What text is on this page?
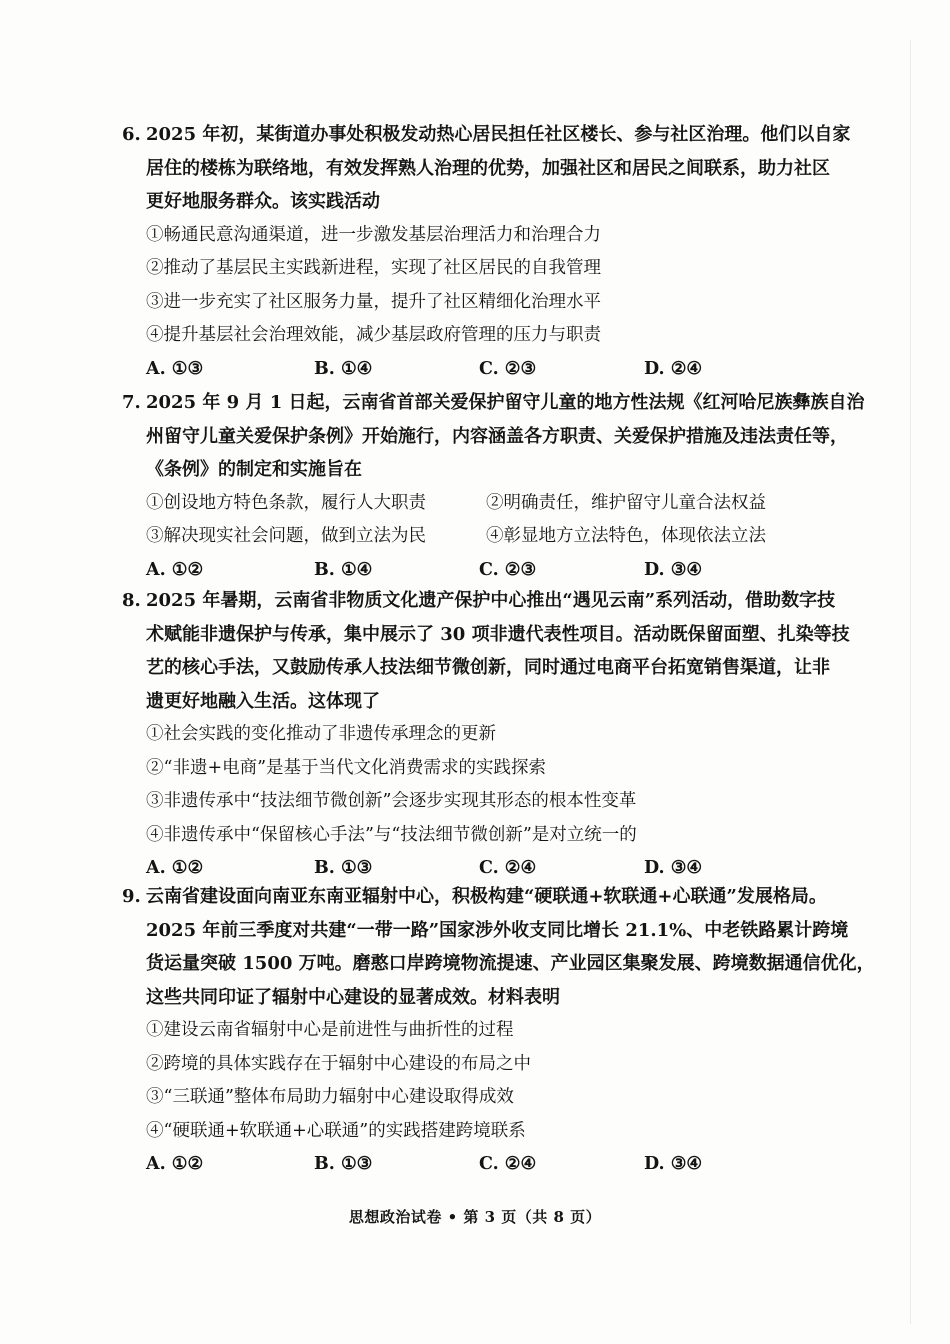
6. 2025 年初，某街道办事处积极发动热心居民担任社区楼长、参与社区治理。他们以自家
居住的楼栋为联络地，有效发挥熟人治理的优势，加强社区和居民之间联系，助力社区
更好地服务群众。该实践活动
①畅通民意沟通渠道，进一步激发基层治理活力和治理合力
②推动了基层民主实践新进程，实现了社区居民的自我管理
③进一步充实了社区服务力量，提升了社区精细化治理水平
④提升基层社会治理效能，减少基层政府管理的压力与职责
A. ①③	B. ①④	C. ②③	D. ②④
7. 2025 年 9 月 1 日起，云南省首部关爱保护留守儿童的地方性法规《红河哈尼族彝族自治
州留守儿童关爱保护条例》开始施行，内容涵盖各方职责、关爱保护措施及违法责任等，
《条例》的制定和实施旨在
①创设地方特色条款，履行人大职责	②明确责任，维护留守儿童合法权益
③解决现实社会问题，做到立法为民	④彰显地方立法特色，体现依法立法
A. ①②	B. ①④	C. ②③	D. ③④
8. 2025 年暑期，云南省非物质文化遗产保护中心推出“遇见云南”系列活动，借助数字技
术赋能非遗保护与传承，集中展示了 30 项非遗代表性项目。活动既保留面塑、扎染等技
艺的核心手法，又鼓励传承人技法细节微创新，同时通过电商平台拓宽销售渠道，让非
遗更好地融入生活。这体现了
①社会实践的变化推动了非遗传承理念的更新
②“非遗+电商”是基于当代文化消费需求的实践探索
③非遗传承中“技法细节微创新”会逐步实现其形态的根本性变革
④非遗传承中“保留核心手法”与“技法细节微创新”是对立统一的
A. ①②	B. ①③	C. ②④	D. ③④
9. 云南省建设面向南亚东南亚辐射中心，积极构建“硬联通+软联通+心联通”发展格局。
2025 年前三季度对共建“一带一路”国家涉外收支同比增长 21.1%、中老铁路累计跨境
货运量突破 1500 万吨。磨憨口岸跨境物流提速、产业园区集聚发展、跨境数据通信优化，
这些共同印证了辐射中心建设的显著成效。材料表明
①建设云南省辐射中心是前进性与曲折性的过程
②跨境的具体实践存在于辐射中心建设的布局之中
③“三联通”整体布局助力辐射中心建设取得成效
④“硬联通+软联通+心联通”的实践搭建跨境联系
A. ①②	B. ①③	C. ②④	D. ③④
思想政治试卷 • 第 3 页（共 8 页）
